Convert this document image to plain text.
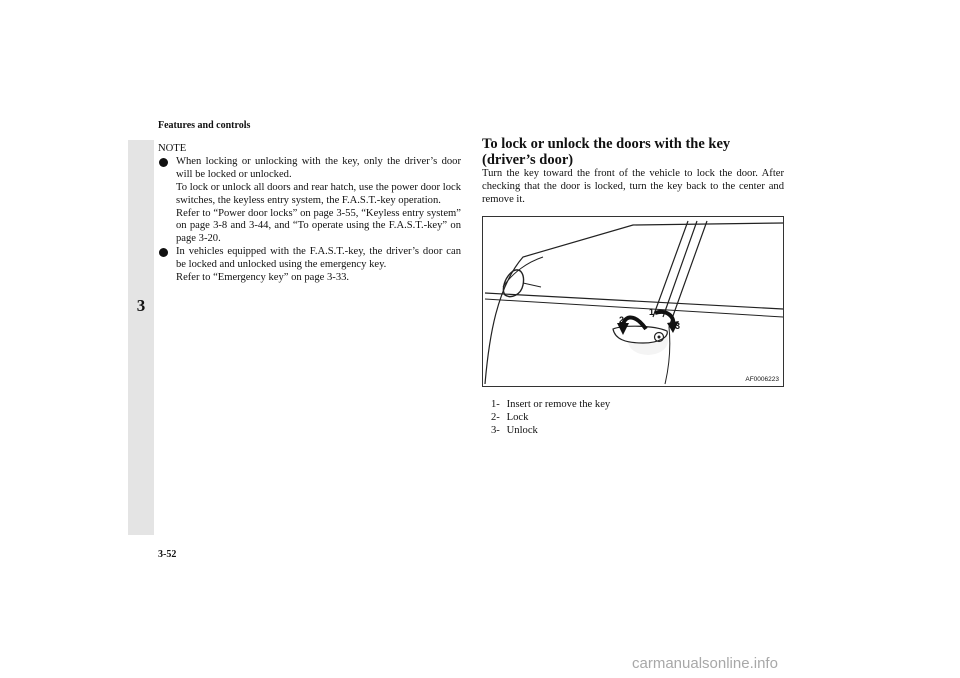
Features and controls
3
3-52
NOTE

When locking or unlocking with the key, only the driver’s door will be locked or unlocked.

To lock or unlock all doors and rear hatch, use the power door lock switches, the keyless entry system, the F.A.S.T.-key operation.

Refer to “Power door locks” on page 3-55, “Keyless entry system” on page 3-8 and 3-44, and “To operate using the F.A.S.T.-key” on page 3-20.

In vehicles equipped with the F.A.S.T.-key, the driver’s door can be locked and unlocked using the emergency key.

Refer to “Emergency key” on page 3-33.

To lock or unlock the doors with the key (driver’s door)

Turn the key toward the front of the vehicle to lock the door. After checking that the door is locked, turn the key back to the center and remove it.

1
2
3
AF0006223
1- Insert or remove the key
2- Lock
3- Unlock
carmanualsonline.info
